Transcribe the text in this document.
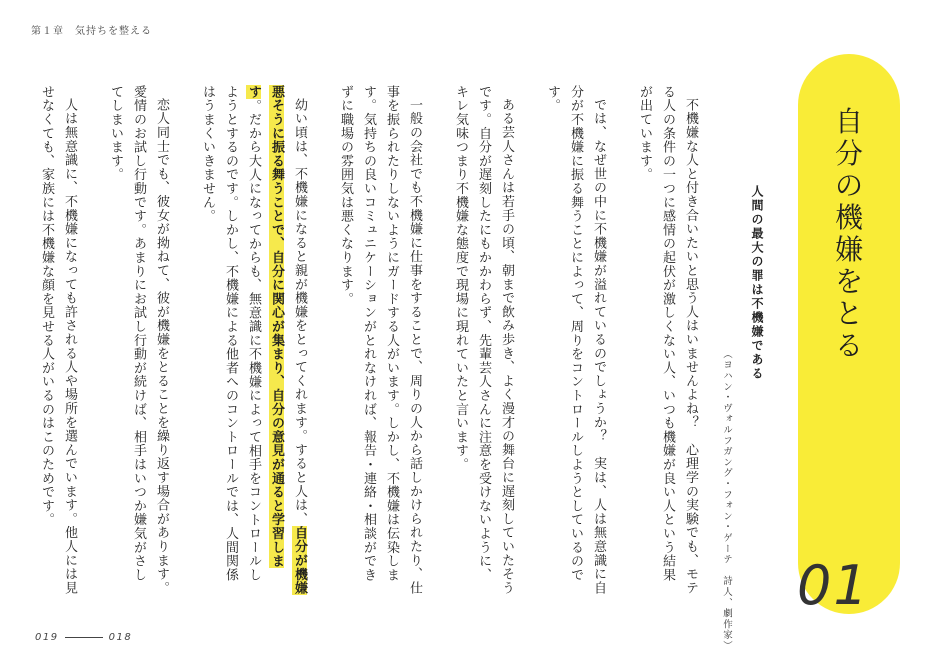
第１章　気持ちを整える
自
分
の
機
嫌
を
と
る
01
人間の最大の罪は不機嫌である
（ヨハン・ヴォルフガング・フォン・ゲーテ　詩人、劇作家）

不機嫌な人と付き合いたいと思う人はいませんよね？　心理学の実験でも、モテる人の条件の一つに感情の起伏が激しくない人、いつも機嫌が良い人という結果が出ています。

では、なぜ世の中に不機嫌が溢れているのでしょうか？　実は、人は無意識に自分が不機嫌に振る舞うことによって、周りをコントロールしようとしているのです。

ある芸人さんは若手の頃、朝まで飲み歩き、よく漫才の舞台に遅刻していたそうです。自分が遅刻したにもかかわらず、先輩芸人さんに注意を受けないように、キレ気味つまり不機嫌な態度で現場に現れていたと言います。

一般の会社でも不機嫌に仕事をすることで、周りの人から話しかけられたり、仕事を振られたりしないようにガードする人がいます。しかし、不機嫌は伝染します。気持ちの良いコミュニケーションがとれなければ、報告・連絡・相談ができずに職場の雰囲気は悪くなります。

幼い頃は、不機嫌になると親が機嫌をとってくれます。すると人は、自分が機嫌悪そうに振る舞うことで、自分に関心が集まり、自分の意見が通ると学習します。だから大人になってからも、無意識に不機嫌によって相手をコントロールしようとするのです。しかし、不機嫌による他者へのコントロールでは、人間関係はうまくいきません。

恋人同士でも、彼女が拗ねて、彼が機嫌をとることを繰り返す場合があります。愛情のお試し行動です。あまりにお試し行動が続けば、相手はいつか嫌気がさしてしまいます。

人は無意識に、不機嫌になっても許される人や場所を選んでいます。他人には見せなくても、家族には不機嫌な顔を見せる人がいるのはこのためです。

019	018
